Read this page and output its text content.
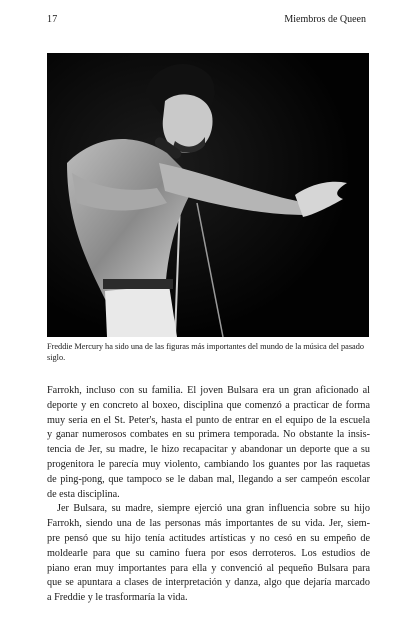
17	Miembros de Queen

Freddie Mercury ha sido una de las figuras más importantes del mundo de la música del pasado siglo.

Farrokh, incluso con su familia. El joven Bulsara era un gran aficionado al
deporte y en concreto al boxeo, disciplina que comenzó a practicar de forma
muy seria en el St. Peter's, hasta el punto de entrar en el equipo de la escuela
y ganar numerosos combates en su primera temporada. No obstante la insis-
tencia de Jer, su madre, le hizo recapacitar y abandonar un deporte que a su
progenitora le parecía muy violento, cambiando los guantes por las raquetas
de ping-pong, que tampoco se le daban mal, llegando a ser campeón escolar
de esta disciplina.
Jer Bulsara, su madre, siempre ejerció una gran influencia sobre su hijo
Farrokh, siendo una de las personas más importantes de su vida. Jer, siem-
pre pensó que su hijo tenía actitudes artísticas y no cesó en su empeño de
moldearle para que su camino fuera por esos derroteros. Los estudios de
piano eran muy importantes para ella y convenció al pequeño Bulsara para
que se apuntara a clases de interpretación y danza, algo que dejaría marcado
a Freddie y le trasformaría la vida.
